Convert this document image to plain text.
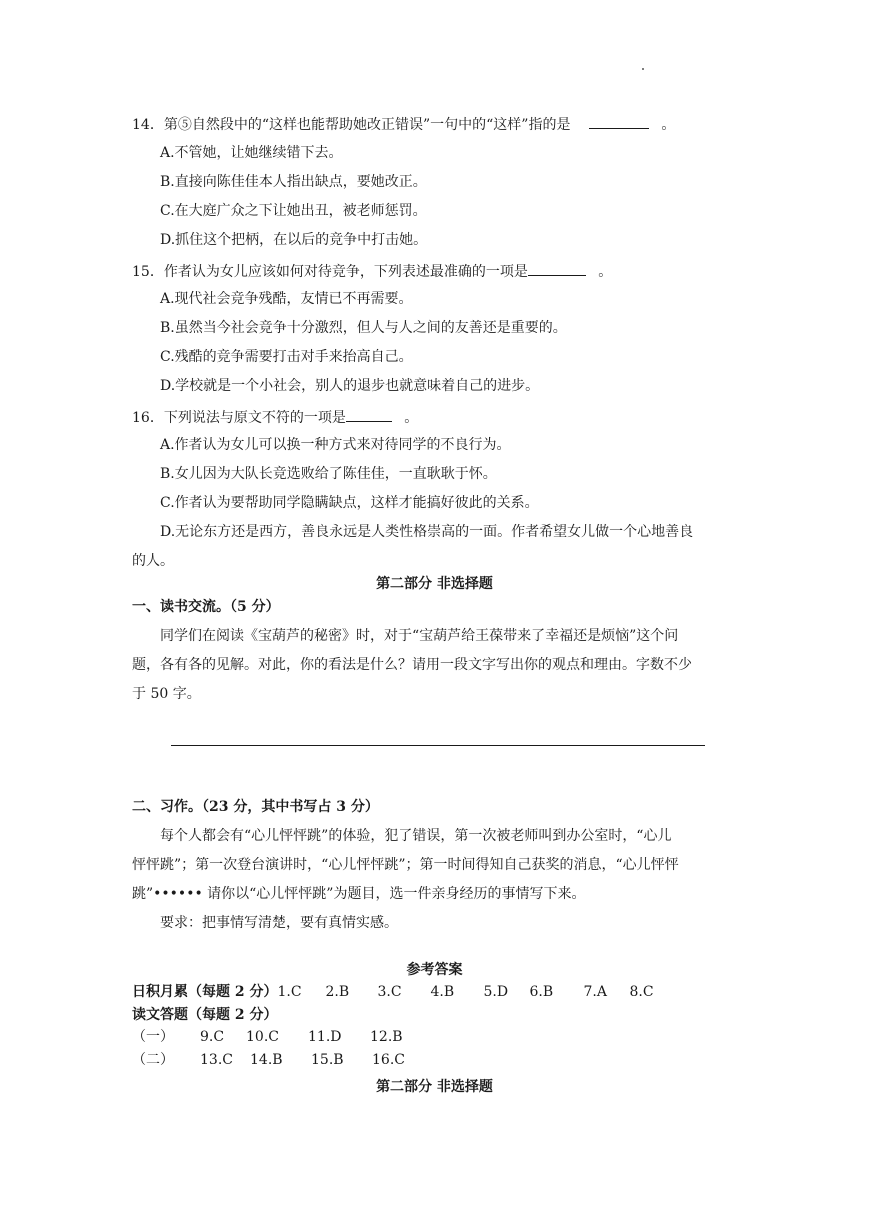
14．第⑤自然段中的“这样也能帮助她改正错误”一句中的“这样”指的是	。
A.不管她，让她继续错下去。
B.直接向陈佳佳本人指出缺点，要她改正。
C.在大庭广众之下让她出丑，被老师惩罚。
D.抓住这个把柄，在以后的竞争中打击她。
15．作者认为女儿应该如何对待竞争，下列表述最准确的一项是	。
A.现代社会竞争残酷，友情已不再需要。
B.虽然当今社会竞争十分激烈，但人与人之间的友善还是重要的。
C.残酷的竞争需要打击对手来抬高自己。
D.学校就是一个小社会，别人的退步也就意味着自己的进步。
16．下列说法与原文不符的一项是	。
A.作者认为女儿可以换一种方式来对待同学的不良行为。
B.女儿因为大队长竞选败给了陈佳佳，一直耿耿于怀。
C.作者认为要帮助同学隐瞒缺点，这样才能搞好彼此的关系。
D.无论东方还是西方，善良永远是人类性格崇高的一面。作者希望女儿做一个心地善良
的人。
第二部分 非选择题
一、读书交流。（5 分）
同学们在阅读《宝葫芦的秘密》时，对于“宝葫芦给王葆带来了幸福还是烦恼”这个问
题，各有各的见解。对此，你的看法是什么？请用一段文字写出你的观点和理由。字数不少
于 50 字。
二、习作。（23 分，其中书写占 3 分）
每个人都会有“心儿怦怦跳”的体验，犯了错误，第一次被老师叫到办公室时，“心儿
怦怦跳”；第一次登台演讲时，“心儿怦怦跳”；第一时间得知自己获奖的消息，“心儿怦怦
跳”•••••• 请你以“心儿怦怦跳”为题目，选一件亲身经历的事情写下来。
要求：把事情写清楚，要有真情实感。
参考答案
日积月累（每题 2 分）1.C 2.B 3.C 4.B 5.D 6.B 7.A 8.C
读文答题（每题 2 分）
（一） 9.C 10.C 11.D 12.B
（二） 13.C 14.B 15.B 16.C
第二部分 非选择题
